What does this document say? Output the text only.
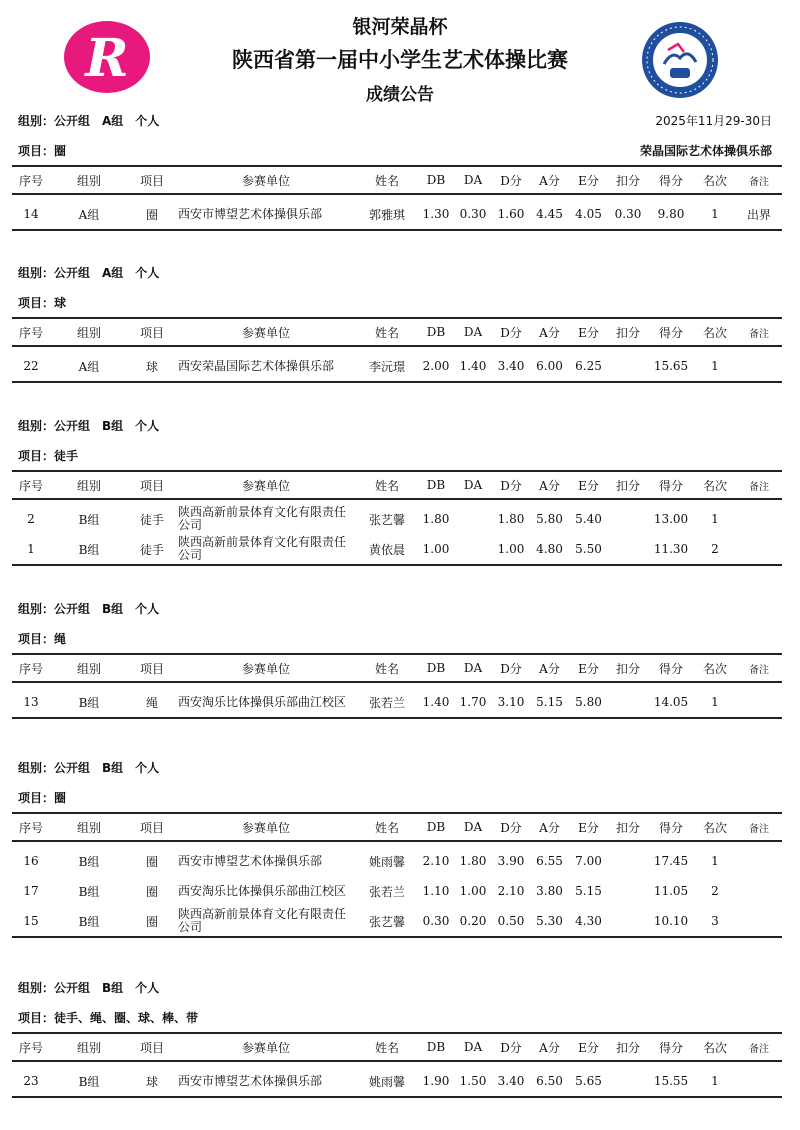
R
银河荣晶杯
陕西省第一届中小学生艺术体操比赛
成绩公告
组别：公开组　A组　个人	2025年11月29-30日
项目：圈	荣晶国际艺术体操俱乐部
序号	组别	项目	参赛单位	姓名	DB	DA	D分	A分	E分	扣分	得分	名次	备注
14	A组	圈	西安市博望艺术体操俱乐部	郭雅琪	1.30	0.30	1.60	4.45	4.05	0.30	9.80	1	出界
组别：公开组　A组　个人
项目：球
序号	组别	项目	参赛单位	姓名	DB	DA	D分	A分	E分	扣分	得分	名次	备注
22	A组	球	西安荣晶国际艺术体操俱乐部	李沅璟	2.00	1.40	3.40	6.00	6.25		15.65	1	
组别：公开组　B组　个人
项目：徒手
序号	组别	项目	参赛单位	姓名	DB	DA	D分	A分	E分	扣分	得分	名次	备注
2	B组	徒手	陕西高新前景体育文化有限责任公司	张艺馨	1.80		1.80	5.80	5.40		13.00	1	
1	B组	徒手	陕西高新前景体育文化有限责任公司	黄依晨	1.00		1.00	4.80	5.50		11.30	2	
组别：公开组　B组　个人
项目：绳
序号	组别	项目	参赛单位	姓名	DB	DA	D分	A分	E分	扣分	得分	名次	备注
13	B组	绳	西安淘乐比体操俱乐部曲江校区	张若兰	1.40	1.70	3.10	5.15	5.80		14.05	1	
组别：公开组　B组　个人
项目：圈
序号	组别	项目	参赛单位	姓名	DB	DA	D分	A分	E分	扣分	得分	名次	备注
16	B组	圈	西安市博望艺术体操俱乐部	姚雨馨	2.10	1.80	3.90	6.55	7.00		17.45	1	
17	B组	圈	西安淘乐比体操俱乐部曲江校区	张若兰	1.10	1.00	2.10	3.80	5.15		11.05	2	
15	B组	圈	陕西高新前景体育文化有限责任公司	张艺馨	0.30	0.20	0.50	5.30	4.30		10.10	3	
组别：公开组　B组　个人
项目：徒手、绳、圈、球、棒、带
序号	组别	项目	参赛单位	姓名	DB	DA	D分	A分	E分	扣分	得分	名次	备注
23	B组	球	西安市博望艺术体操俱乐部	姚雨馨	1.90	1.50	3.40	6.50	5.65		15.55	1	
